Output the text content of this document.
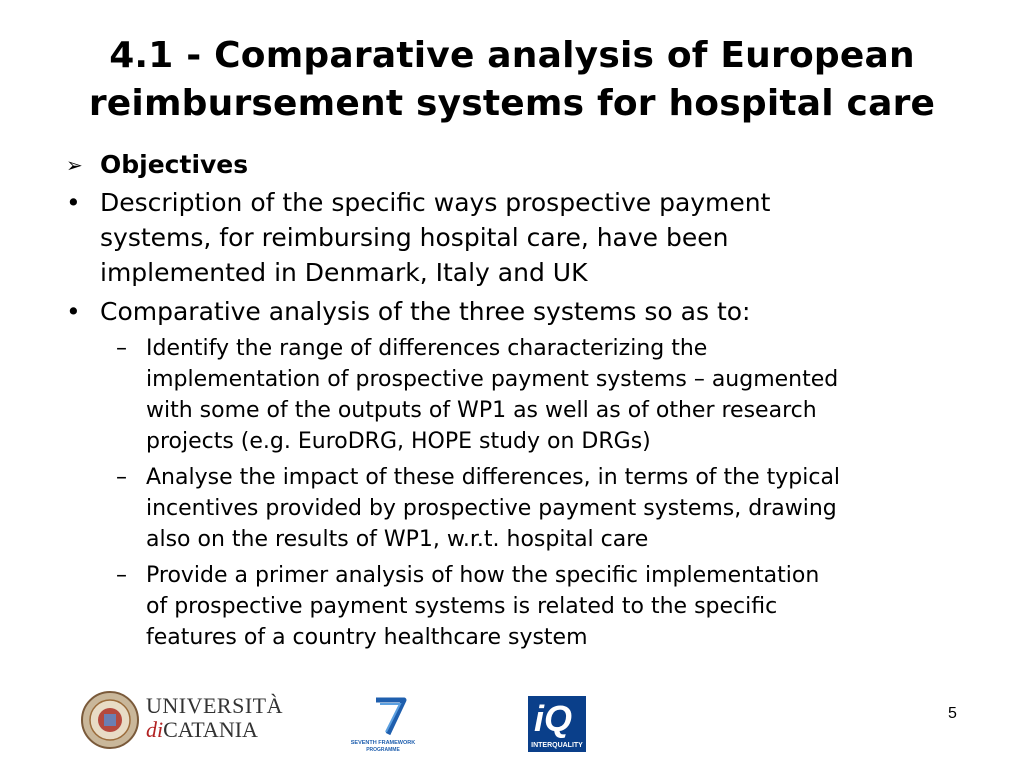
4.1 - Comparative analysis of European
reimbursement systems for hospital care
➢ Objectives
• Description of the specific ways prospective payment
systems, for reimbursing hospital care, have been
implemented in Denmark, Italy and UK
• Comparative analysis of the three systems so as to:
– Identify the range of differences characterizing the
implementation of prospective payment systems – augmented
with some of the outputs of WP1 as well as of other research
projects (e.g. EuroDRG, HOPE study on DRGs)
– Analyse the impact of these differences, in terms of the typical
incentives provided by prospective payment systems, drawing
also on the results of WP1, w.r.t. hospital care
– Provide a primer analysis of how the specific implementation
of prospective payment systems is related to the specific
features of a country healthcare system
UNIVERSITÀ
diCATANIA
SEVENTH FRAMEWORK
PROGRAMME
iQ
INTERQUALITY
5
